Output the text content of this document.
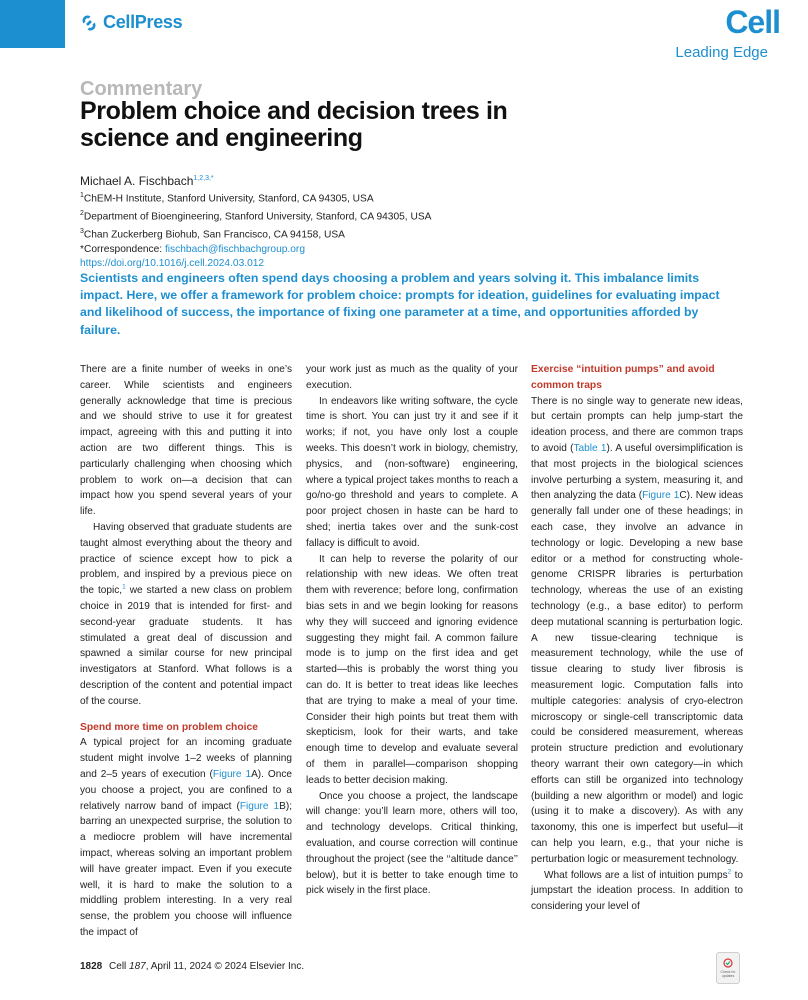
CellPress	Cell
Leading Edge
Commentary
Problem choice and decision trees in science and engineering
Michael A. Fischbach$^{1,2,3,*}$
$^1$ChEM-H Institute, Stanford University, Stanford, CA 94305, USA
$^2$Department of Bioengineering, Stanford University, Stanford, CA 94305, USA
$^3$Chan Zuckerberg Biohub, San Francisco, CA 94158, USA
*Correspondence: fischbach@fischbachgroup.org
https://doi.org/10.1016/j.cell.2024.03.012
Scientists and engineers often spend days choosing a problem and years solving it. This imbalance limits impact. Here, we offer a framework for problem choice: prompts for ideation, guidelines for evaluating impact and likelihood of success, the importance of fixing one parameter at a time, and opportunities afforded by failure.

There are a finite number of weeks in one’s career. While scientists and engineers generally acknowledge that time is precious and we should strive to use it for greatest impact, agreeing with this and putting it into action are two different things. This is particularly challenging when choosing which problem to work on—a decision that can impact how you spend several years of your life.

Having observed that graduate students are taught almost everything about the theory and practice of science except how to pick a problem, and inspired by a previous piece on the topic,$^1$ we started a new class on problem choice in 2019 that is intended for first- and second-year graduate students. It has stimulated a great deal of discussion and spawned a similar course for new principal investigators at Stanford. What follows is a description of the content and potential impact of the course.

Spend more time on problem choice

A typical project for an incoming graduate student might involve 1–2 weeks of planning and 2–5 years of execution (Figure 1A). Once you choose a project, you are confined to a relatively narrow band of impact (Figure 1B); barring an unexpected surprise, the solution to a mediocre problem will have incremental impact, whereas solving an important problem will have greater impact. Even if you execute well, it is hard to make the solution to a middling problem interesting. In a very real sense, the problem you choose will influence the impact of

your work just as much as the quality of your execution.

In endeavors like writing software, the cycle time is short. You can just try it and see if it works; if not, you have only lost a couple weeks. This doesn’t work in biology, chemistry, physics, and (non-software) engineering, where a typical project takes months to reach a go/no-go threshold and years to complete. A poor project chosen in haste can be hard to shed; inertia takes over and the sunk-cost fallacy is difficult to avoid.

It can help to reverse the polarity of our relationship with new ideas. We often treat them with reverence; before long, confirmation bias sets in and we begin looking for reasons why they will succeed and ignoring evidence suggesting they might fail. A common failure mode is to jump on the first idea and get started—this is probably the worst thing you can do. It is better to treat ideas like leeches that are trying to make a meal of your time. Consider their high points but treat them with skepticism, look for their warts, and take enough time to develop and evaluate several of them in parallel—comparison shopping leads to better decision making.

Once you choose a project, the landscape will change: you’ll learn more, others will too, and technology develops. Critical thinking, evaluation, and course correction will continue throughout the project (see the ‘‘altitude dance’’ below), but it is better to take enough time to pick wisely in the first place.

Exercise “intuition pumps” and avoid common traps

There is no single way to generate new ideas, but certain prompts can help jump-start the ideation process, and there are common traps to avoid (Table 1). A useful oversimplification is that most projects in the biological sciences involve perturbing a system, measuring it, and then analyzing the data (Figure 1C). New ideas generally fall under one of these headings; in each case, they involve an advance in technology or logic. Developing a new base editor or a method for constructing whole-genome CRISPR libraries is perturbation technology, whereas the use of an existing technology (e.g., a base editor) to perform deep mutational scanning is perturbation logic. A new tissue-clearing technique is measurement technology, while the use of tissue clearing to study liver fibrosis is measurement logic. Computation falls into multiple categories: analysis of cryo-electron microscopy or single-cell transcriptomic data could be considered measurement, whereas protein structure prediction and evolutionary theory warrant their own category—in which efforts can still be organized into technology (building a new algorithm or model) and logic (using it to make a discovery). As with any taxonomy, this one is imperfect but useful—it can help you learn, e.g., that your niche is perturbation logic or measurement technology.

What follows are a list of intuition pumps$^2$ to jumpstart the ideation process. In addition to considering your level of

1828 Cell 187, April 11, 2024 © 2024 Elsevier Inc.	Check for updates
